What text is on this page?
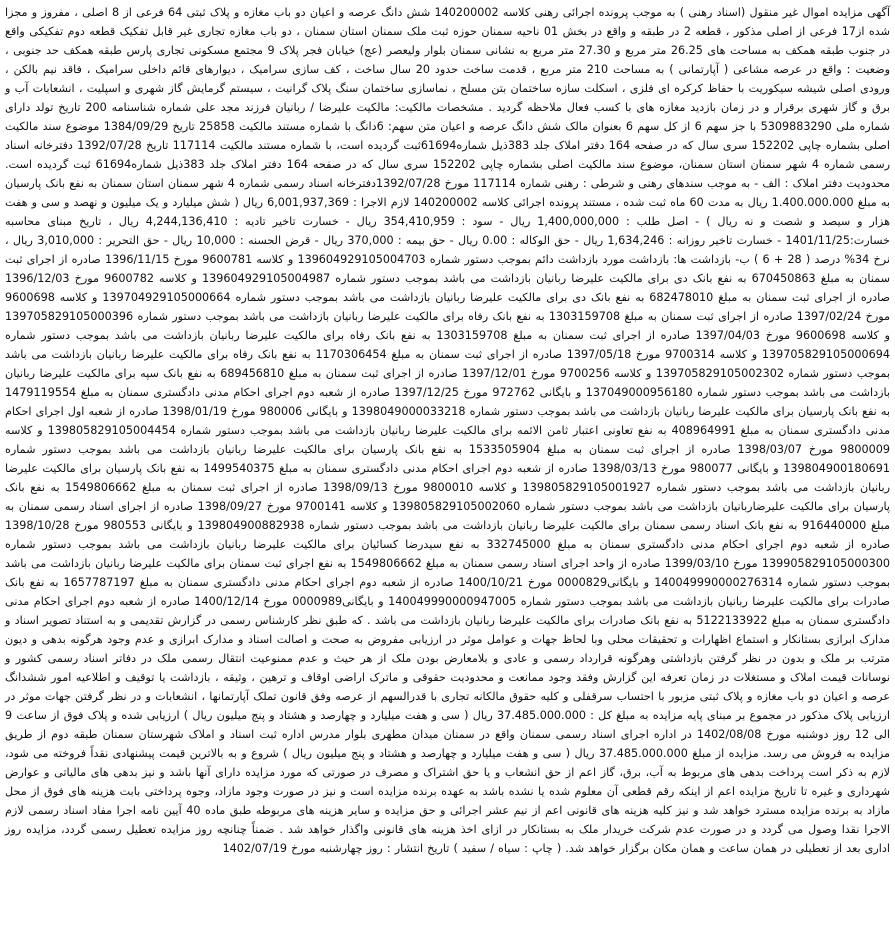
آگهی مزایده اموال غیر منقول (اسناد رهنی ) به موجب پرونده اجرائی رهنی کلاسه 140200002 شش دانگ عرصه و اعیان دو باب مغازه و پلاک ثبتی 64 فرعی از 8 اصلی ، مفروز و مجزا شده از17 فرعی از اصلی مذکور ، قطعه 2 در طبقه و واقع در بخش 01 ناحیه سمنان حوزه ثبت ملک سمنان استان سمنان ، دو باب مغازه تجاری غیر قابل تفکیک قطعه دوم تفکیکی واقع در جنوب طبقه همکف به مساحت های 26.25 متر مربع و 27.30 متر مربع به نشانی سمنان بلوار ولیعصر (عج) خیابان فجر پلاک 9 مجتمع مسکونی تجاری پارس طبقه همکف حد جنوبی ، وضعیت : واقع در عرصه مشاعی ( آپارتمانی ) به مساحت 210 متر مربع ، قدمت ساخت حدود 20 سال ساخت ، کف سازی سرامیک ، دیوارهای قائم داخلی سرامیک ، فاقد نیم بالکن ، ورودی اصلی شیشه سیکوریت با حفاظ کرکره ای فلزی ، اسکلت سازه ساختمان بتن مسلح ، نماسازی ساختمان سنگ پلاک گرانیت ، سیستم گرمایش گاز شهری و اسپلیت ، انشعابات آب و برق و گاز شهری برقرار و در زمان بازدید مغازه های با کسب فعال ملاحظه گردید . مشخصات مالکیت: مالکیت علیرضا / ربانیان فرزند مجد علی شماره شناسنامه 200 تاریخ تولد دارای شماره ملی 5309883290 با جز سهم 6 از کل سهم 6 بعنوان مالک شش دانگ عرصه و اعیان متن سهم: 6دانگ با شماره مستند مالکیت 25858 تاریخ 1384/09/29 موضوع سند مالکیت اصلی بشماره چاپی 152202 سری سال که در صفحه 164 دفتر املاک جلد 383ذیل شماره61694ثبت گردیده است، با شماره مستند مالکیت 117114 تاریخ 1392/07/28 دفترخانه اسناد رسمی شماره 4 شهر سمنان استان سمنان، موضوع سند مالکیت اصلی بشماره چاپی 152202 سری سال که در صفحه 164 دفتر املاک جلد 383ذیل شماره61694 ثبت گردیده است. محدودیت دفتر املاک : الف - به موجب سندهای رهنی و شرطی : رهنی شماره 117114 مورخ 1392/07/28دفترخانه اسناد رسمی شماره 4 شهر سمنان استان سمنان به نفع بانک پارسیان به مبلغ 1.400.000.000 ریال به مدت 60 ماه ثبت شده ، مستند پرونده اجرائی کلاسه 140200002 لازم الاجرا : 6,001,937,369 ریال ( شش میلیارد و یک میلیون و نهصد و سی و هفت هزار و سیصد و شصت و نه ریال ) - اصل طلب : 1,400,000,000 ریال - سود : 354,410,959 ریال - خسارت تاخیر تادیه : 4,244,136,410 ریال ، تاریخ مبنای محاسبه خسارت:1401/11/25 - خسارت تاخیر روزانه : 1,634,246 ریال - حق الوکاله : 0.00 ریال - حق بیمه : 370,000 ریال - قرض الحسنه : 10,000 ریال - حق التحریر : 3,010,000 ریال ، نرخ 34% درصد ( 28 + 6 ) ب- بازداشت ها: بازداشت مورد بازداشت دائم بموجب دستور شماره 139604929105004703 و کلاسه 9600781 مورخ 1396/11/15 صادره از اجرای ثبت سمنان به مبلغ 670450863 به نفع بانک دی برای مالکیت علیرضا ربانیان بازداشت می باشد بموجب دستور شماره 139604929105004987 و کلاسه 9600782 مورخ 1396/12/03 صادره از اجرای ثبت سمنان به مبلغ 682478010 به نفع بانک دی برای مالکیت علیرضا ربانیان بازداشت می باشد بموجب دستور شماره 139704929105000664 و کلاسه 9600698 مورخ 1397/02/24 صادره از اجرای ثبت سمنان به مبلغ 1303159708 به نفع بانک رفاه برای مالکیت علیرضا ربانیان بازداشت می باشد بموجب دستور شماره 139705829105000396 و کلاسه 9600698 مورخ 1397/04/03 صادره از اجرای ثبت سمنان به مبلغ 1303159708 به نفع بانک رفاه برای مالکیت علیرضا ربانیان بازداشت می باشد بموجب دستور شماره 139705829105000694 و کلاسه 9700314 مورخ 1397/05/18 صادره از اجرای ثبت سمنان به مبلغ 1170306454 به نفع بانک رفاه برای مالکیت علیرضا ربانیان بازداشت می باشد بموجب دستور شماره 139705829105002302 و کلاسه 9700256 مورخ 1397/12/01 صادره از اجرای ثبت سمنان به مبلغ 689456810 به نفع بانک سپه برای مالکیت علیرضا ربانیان بازداشت می باشد بموجب دستور شماره 137049000956180 و بایگانی 972762 مورخ 1397/12/25 صادره از شعبه دوم اجرای احکام مدنی دادگستری سمنان به مبلغ 1479119554 به نفع بانک پارسیان برای مالکیت علیرضا ربانیان بازداشت می باشد بموجب دستور شماره 1398049000033218 و بایگانی 980006 مورخ 1398/01/19 صادره از شعبه اول اجرای احکام مدنی دادگستری سمنان به مبلغ 408964991 به نفع تعاونی اعتبار ثامن الائمه برای مالکیت علیرضا ربانیان بازداشت می باشد بموجب دستور شماره 139805829105004454 و کلاسه 9800009 مورخ 1398/03/07 صادره از اجرای ثبت سمنان به مبلغ 1533505904 به نفع بانک پارسیان برای مالکیت علیرضا ربانیان بازداشت می باشد بموجب دستور شماره 139804900180691 و بایگانی 980077 مورخ 1398/03/13 صادره از شعبه دوم اجرای احکام مدنی دادگستری سمنان به مبلغ 1499540375 به نفع بانک پارسیان برای مالکیت علیرضا ربانیان بازداشت می باشد بموجب دستور شماره 139805829105001927 و کلاسه 9800010 مورخ 1398/09/13 صادره از اجرای ثبت سمنان به مبلغ 1549806662 به نفع بانک پارسیان برای مالکیت علیرضاربانیان بازداشت می باشد بموجب دستور شماره 139805829105002060 و کلاسه 9700141 مورخ 1398/09/27 صادره از اجرای اسناد رسمی سمنان به مبلغ 916440000 به نفع بانک اسناد رسمی سمنان برای مالکیت علیرضا ربانیان بازداشت می باشد بموجب دستور شماره 139804900882938 و بایگانی 980553 مورخ 1398/10/28 صادره از شعبه دوم اجرای احکام مدنی دادگستری سمنان به مبلغ 332745000 به نفع سیدرضا کسائیان برای مالکیت علیرضا ربانیان بازداشت می باشد بموجب دستور شماره 139905829105000300 مورخ 1399/03/10 صادره از واحد اجرای اسناد رسمی سمنان به مبلغ 1549806662 به نفع اجرای ثبت سمنان برای مالکیت علیرضا ربانیان بازداشت می باشد بموجب دستور شماره 140049990000276314 و بایگانی0000829 مورخ 1400/10/21 صادره از شعبه دوم اجرای احکام مدنی دادگستری سمنان به مبلغ 1657787197 به نفع بانک صادرات برای مالکیت علیرضا ربانیان بازداشت می باشد بموجب دستور شماره 140049990000947005 و بایگانی0000989 مورخ 1400/12/14 صادره از شعبه دوم اجرای احکام مدنی دادگستری سمنان به مبلغ 5122133922 به نفع بانک صادرات برای مالکیت علیرضا ربانیان بازداشت می باشد . که طبق نظر کارشناس رسمی در گزارش تقدیمی و به استناد تصویر اسناد و مدارک ابرازی بستانکار و استماع اظهارات و تحقیقات محلی وبا لحاظ جهات و عوامل موثر در ارزیابی مفروض به صحت و اصالت اسناد و مدارک ابرازی و عدم وجود هرگونه بدهی و دیون مترتب بر ملک و بدون در نظر گرفتن بازداشتی وهرگونه قرارداد رسمی و عادی و بلامعارض بودن ملک از هر حیث و عدم ممنوعیت انتقال رسمی ملک در دفاتر اسناد رسمی کشور و نوسانات قیمت املاک و مستغلات در زمان تعرفه این گزارش وفقد وجود ممانعت و محدودیت حقوقی و ماترک اراضی اوقاف و ترهین ، وثیقه ، بازداشت یا توقیف و اطلاعیه امور ششدانگ عرصه و اعیان دو باب مغازه و پلاک ثبتی مزبور با احتساب سرقفلی و کلیه حقوق مالکانه تجاری با قدرالسهم از عرصه وفق قانون تملک آپارتمانها ، انشعابات و در نظر گرفتن جهات موثر در ارزیابی پلاک مذکور در مجموع بر مبنای پایه مزایده به مبلغ کل : 37.485.000.000 ریال ( سی و هفت میلیارد و چهارصد و هشتاد و پنج میلیون ریال ) ارزیابی شده و پلاک فوق از ساعت 9 الی 12 روز دوشنبه مورخ 1402/08/08 در اداره اجرای اسناد رسمی سمنان واقع در سمنان میدان مطهری بلوار مدرس اداره ثبت اسناد و املاک شهرستان سمنان طبقه دوم از طریق مزایده به فروش می رسد. مزایده از مبلغ 37.485.000.000 ریال ( سی و هفت میلیارد و چهارصد و هشتاد و پنج میلیون ریال ) شروع و به بالاترین قیمت پیشنهادی نقداً فروخته می شود، لازم به ذکر است پرداخت بدهی های مربوط به آب، برق، گاز اعم از حق انشعاب و یا حق اشتراک و مصرف در صورتی که مورد مزایده دارای آنها باشد و نیز بدهی های مالیاتی و عوارض شهرداری و غیره تا تاریخ مزایده اعم از اینکه رقم قطعی آن معلوم شده یا نشده باشد به عهده برنده مزایده است و نیز در صورت وجود مازاد، وجوه پرداختی بابت هزینه های فوق از محل مازاد به برنده مزایده مسترد خواهد شد و نیز کلیه هزینه های قانونی اعم از نیم عشر اجرائی و حق مزایده و سایر هزینه های مربوطه طبق ماده 40 آیین نامه اجرا مفاد اسناد رسمی لازم الاجرا نقدا وصول می گردد و در صورت عدم شرکت خریدار ملک به بستانکار در ازای اخذ هزینه های قانونی واگذار خواهد شد . ضمناً چنانچه روز مزایده تعطیل رسمی گردد، مزایده روز اداری بعد از تعطیلی در همان ساعت و همان مکان برگزار خواهد شد. ( چاپ : سیاه / سفید ) تاریخ انتشار : روز چهارشنبه مورخ 1402/07/19
